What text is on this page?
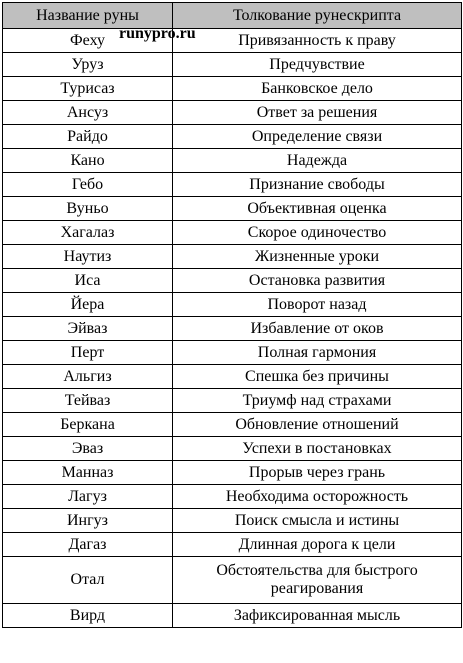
Название руны	Толкование рунескрипта
Феху	Привязанность к праву
Уруз	Предчувствие
Турисаз	Банковское дело
Ансуз	Ответ за решения
Райдо	Определение связи
Кано	Надежда
Гебо	Признание свободы
Вуньо	Объективная оценка
Хагалаз	Скорое одиночество
Наутиз	Жизненные уроки
Иса	Остановка развития
Йера	Поворот назад
Эйваз	Избавление от оков
Перт	Полная гармония
Альгиз	Спешка без причины
Тейваз	Триумф над страхами
Беркана	Обновление отношений
Эваз	Успехи в постановках
Манназ	Прорыв через грань
Лагуз	Необходима осторожность
Ингуз	Поиск смысла и истины
Дагаз	Длинная дорога к цели
Отал	Обстоятельства для быстрого реагирования
Вирд	Зафиксированная мысль
runypro.ru
